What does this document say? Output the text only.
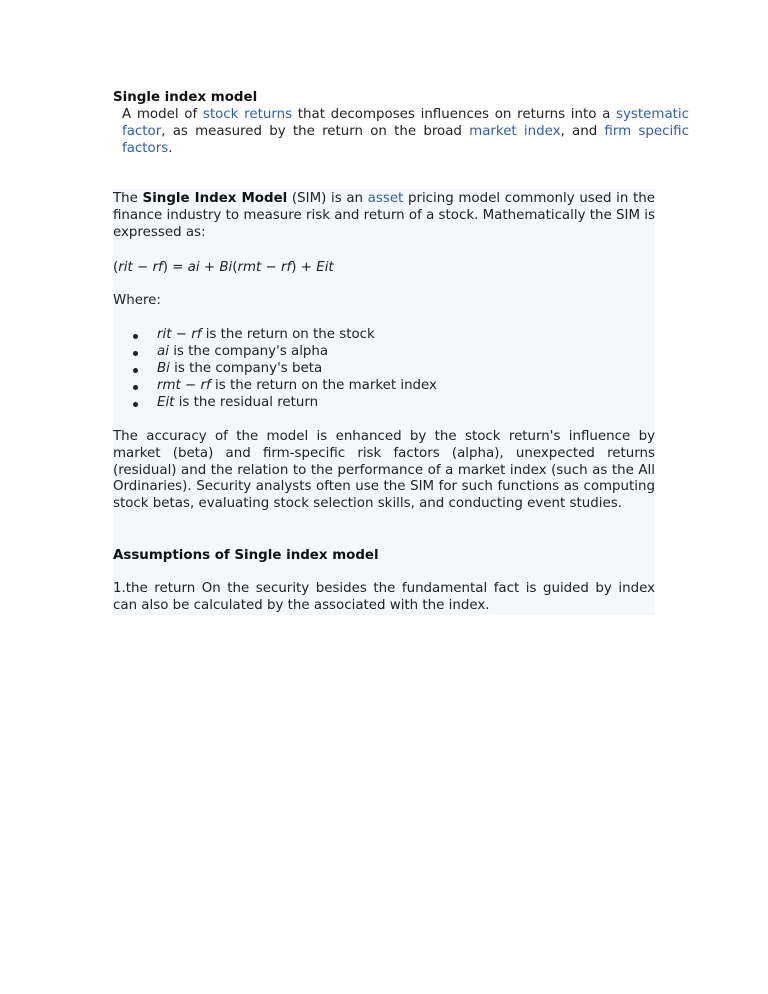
Single index model
A model of stock returns that decomposes influences on returns into a systematic factor, as measured by the return on the broad market index, and firm specific factors.

The Single Index Model (SIM) is an asset pricing model commonly used in the finance industry to measure risk and return of a stock. Mathematically the SIM is expressed as:

(rit − rf) = ai + Bi(rmt − rf) + Eit

Where:

rit − rf is the return on the stock
ai is the company's alpha
Bi is the company's beta
rmt − rf is the return on the market index
Eit is the residual return

The accuracy of the model is enhanced by the stock return's influence by market (beta) and firm-specific risk factors (alpha), unexpected returns (residual) and the relation to the performance of a market index (such as the All Ordinaries). Security analysts often use the SIM for such functions as computing stock betas, evaluating stock selection skills, and conducting event studies.

Assumptions of Single index model

1.the return On the security besides the fundamental fact is guided by index can also be calculated by the associated with the index.
